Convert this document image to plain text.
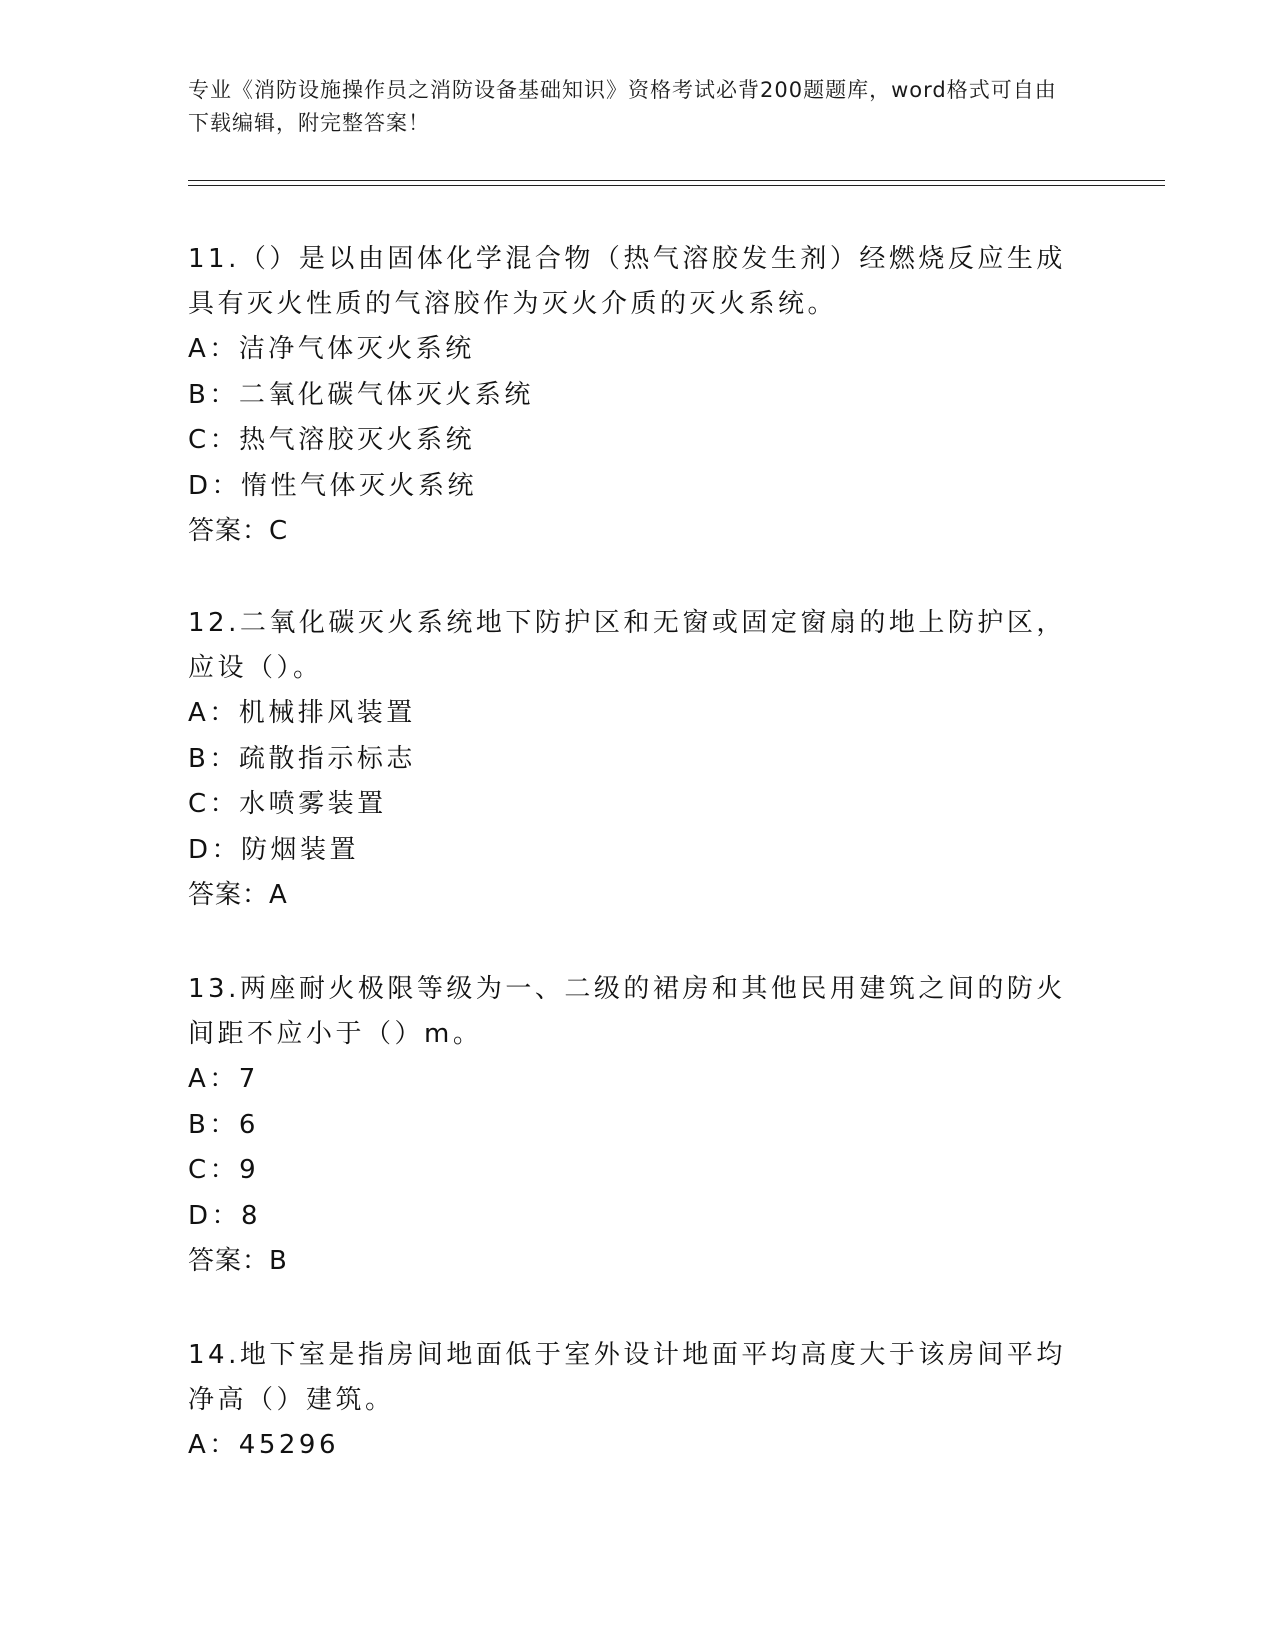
专业《消防设施操作员之消防设备基础知识》资格考试必背200题题库，word格式可自由下载编辑，附完整答案！

11.（）是以由固体化学混合物（热气溶胶发生剂）经燃烧反应生成具有灭火性质的气溶胶作为灭火介质的灭火系统。

A：洁净气体灭火系统
B：二氧化碳气体灭火系统
C：热气溶胶灭火系统
D：惰性气体灭火系统
答案：C

12.二氧化碳灭火系统地下防护区和无窗或固定窗扇的地上防护区，应设（）。

A：机械排风装置
B：疏散指示标志
C：水喷雾装置
D：防烟装置
答案：A

13.两座耐火极限等级为一、二级的裙房和其他民用建筑之间的防火间距不应小于（）m。

A：7
B：6
C：9
D：8
答案：B

14.地下室是指房间地面低于室外设计地面平均高度大于该房间平均净高（）建筑。

A：45296
